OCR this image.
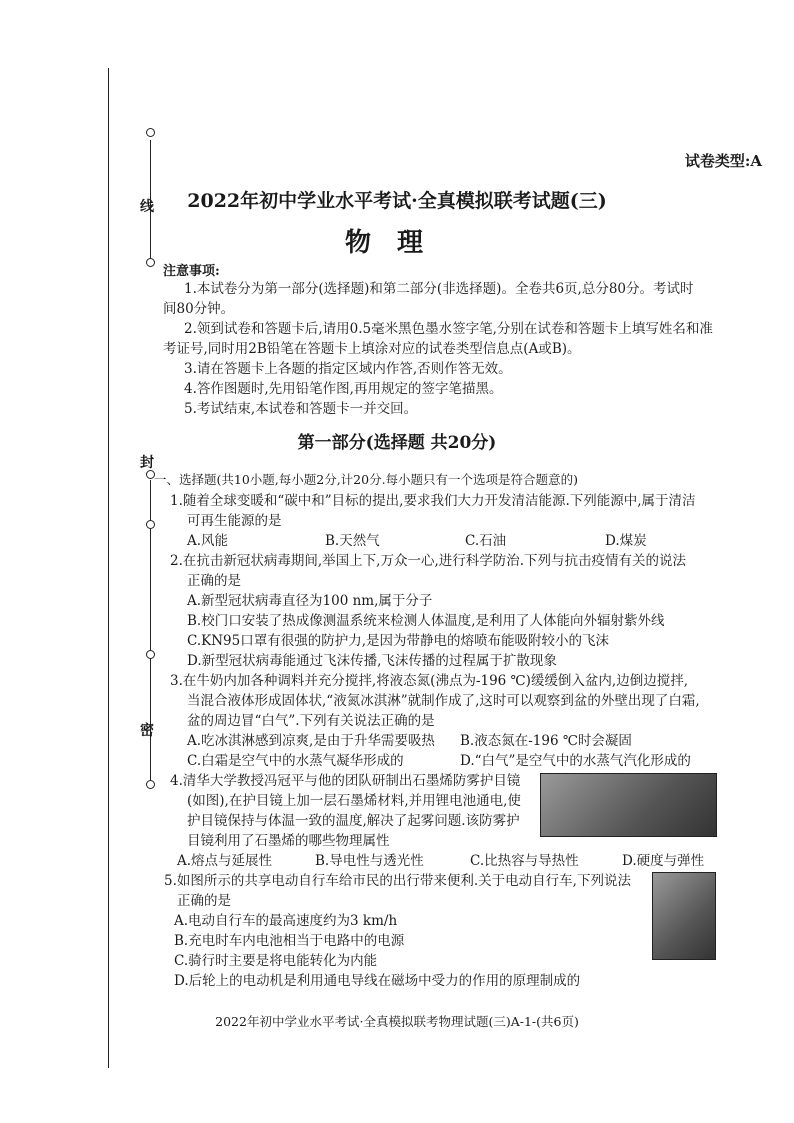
线
封
密
试卷类型:A
2022年初中学业水平考试·全真模拟联考试题(三)
物理
注意事项:
1.本试卷分为第一部分(选择题)和第二部分(非选择题)。全卷共6页,总分80分。考试时
间80分钟。
2.领到试卷和答题卡后,请用0.5毫米黑色墨水签字笔,分别在试卷和答题卡上填写姓名和准
考证号,同时用2B铅笔在答题卡上填涂对应的试卷类型信息点(A或B)。
3.请在答题卡上各题的指定区域内作答,否则作答无效。
4.答作图题时,先用铅笔作图,再用规定的签字笔描黑。
5.考试结束,本试卷和答题卡一并交回。
第一部分(选择题 共20分)
一、选择题(共10小题,每小题2分,计20分.每小题只有一个选项是符合题意的)
1.随着全球变暖和“碳中和”目标的提出,要求我们大力开发清洁能源.下列能源中,属于清洁
可再生能源的是
A.风能	B.天然气	C.石油	D.煤炭
2.在抗击新冠状病毒期间,举国上下,万众一心,进行科学防治.下列与抗击疫情有关的说法
正确的是
A.新型冠状病毒直径为100 nm,属于分子
B.校门口安装了热成像测温系统来检测人体温度,是利用了人体能向外辐射紫外线
C.KN95口罩有很强的防护力,是因为带静电的熔喷布能吸附较小的飞沫
D.新型冠状病毒能通过飞沫传播,飞沫传播的过程属于扩散现象
3.在牛奶内加各种调料并充分搅拌,将液态氮(沸点为-196 ℃)缓缓倒入盆内,边倒边搅拌,
当混合液体形成固体状,“液氮冰淇淋”就制作成了,这时可以观察到盆的外壁出现了白霜,
盆的周边冒“白气”.下列有关说法正确的是
A.吃冰淇淋感到凉爽,是由于升华需要吸热 B.液态氮在-196 ℃时会凝固
C.白霜是空气中的水蒸气凝华形成的	D.“白气”是空气中的水蒸气汽化形成的
4.清华大学教授冯冠平与他的团队研制出石墨烯防雾护目镜
(如图),在护目镜上加一层石墨烯材料,并用锂电池通电,使
护目镜保持与体温一致的温度,解决了起雾问题.该防雾护
目镜利用了石墨烯的哪些物理属性
A.熔点与延展性	B.导电性与透光性	C.比热容与导热性	D.硬度与弹性
5.如图所示的共享电动自行车给市民的出行带来便利.关于电动自行车,下列说法
正确的是
A.电动自行车的最高速度约为3 km/h
B.充电时车内电池相当于电路中的电源
C.骑行时主要是将电能转化为内能
D.后轮上的电动机是利用通电导线在磁场中受力的作用的原理制成的
2022年初中学业水平考试·全真模拟联考物理试题(三)A-1-(共6页)
